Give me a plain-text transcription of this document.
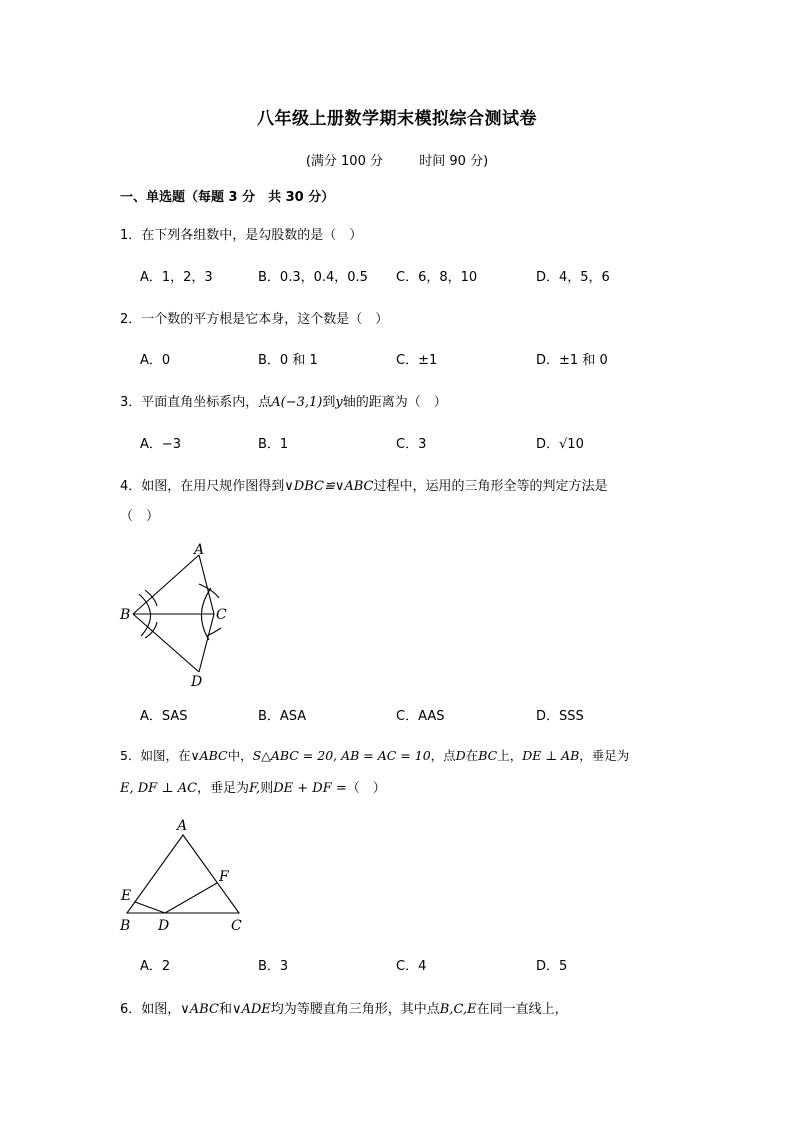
八年级上册数学期末模拟综合测试卷
(满分 100 分	时间 90 分)
一、单选题（每题 3 分　共 30 分）
1．在下列各组数中，是勾股数的是（　）
A．1，2，3	B．0.3，0.4，0.5 C．6，8，10	D．4，5，6
2．一个数的平方根是它本身，这个数是（　）
A．0	B．0 和 1	C．±1	D．±1 和 0
3．平面直角坐标系内，点A(−3,1)到y轴的距离为（　）
A．−3	B．1	C．3	D．√10
4．如图，在用尺规作图得到∨DBC≌∨ABC过程中，运用的三角形全等的判定方法是
（　）
A
B	C
D
A．SAS	B．ASA	C．AAS	D．SSS
5．如图，在∨ABC中，S△ABC = 20, AB = AC = 10，点D在BC上，DE ⊥ AB，垂足为
E, DF ⊥ AC，垂足为F,则DE + DF =（　）
A
B	C
D
E
F
A．2	B．3	C．4	D．5
6．如图，∨ABC和∨ADE均为等腰直角三角形，其中点B,C,E在同一直线上，
